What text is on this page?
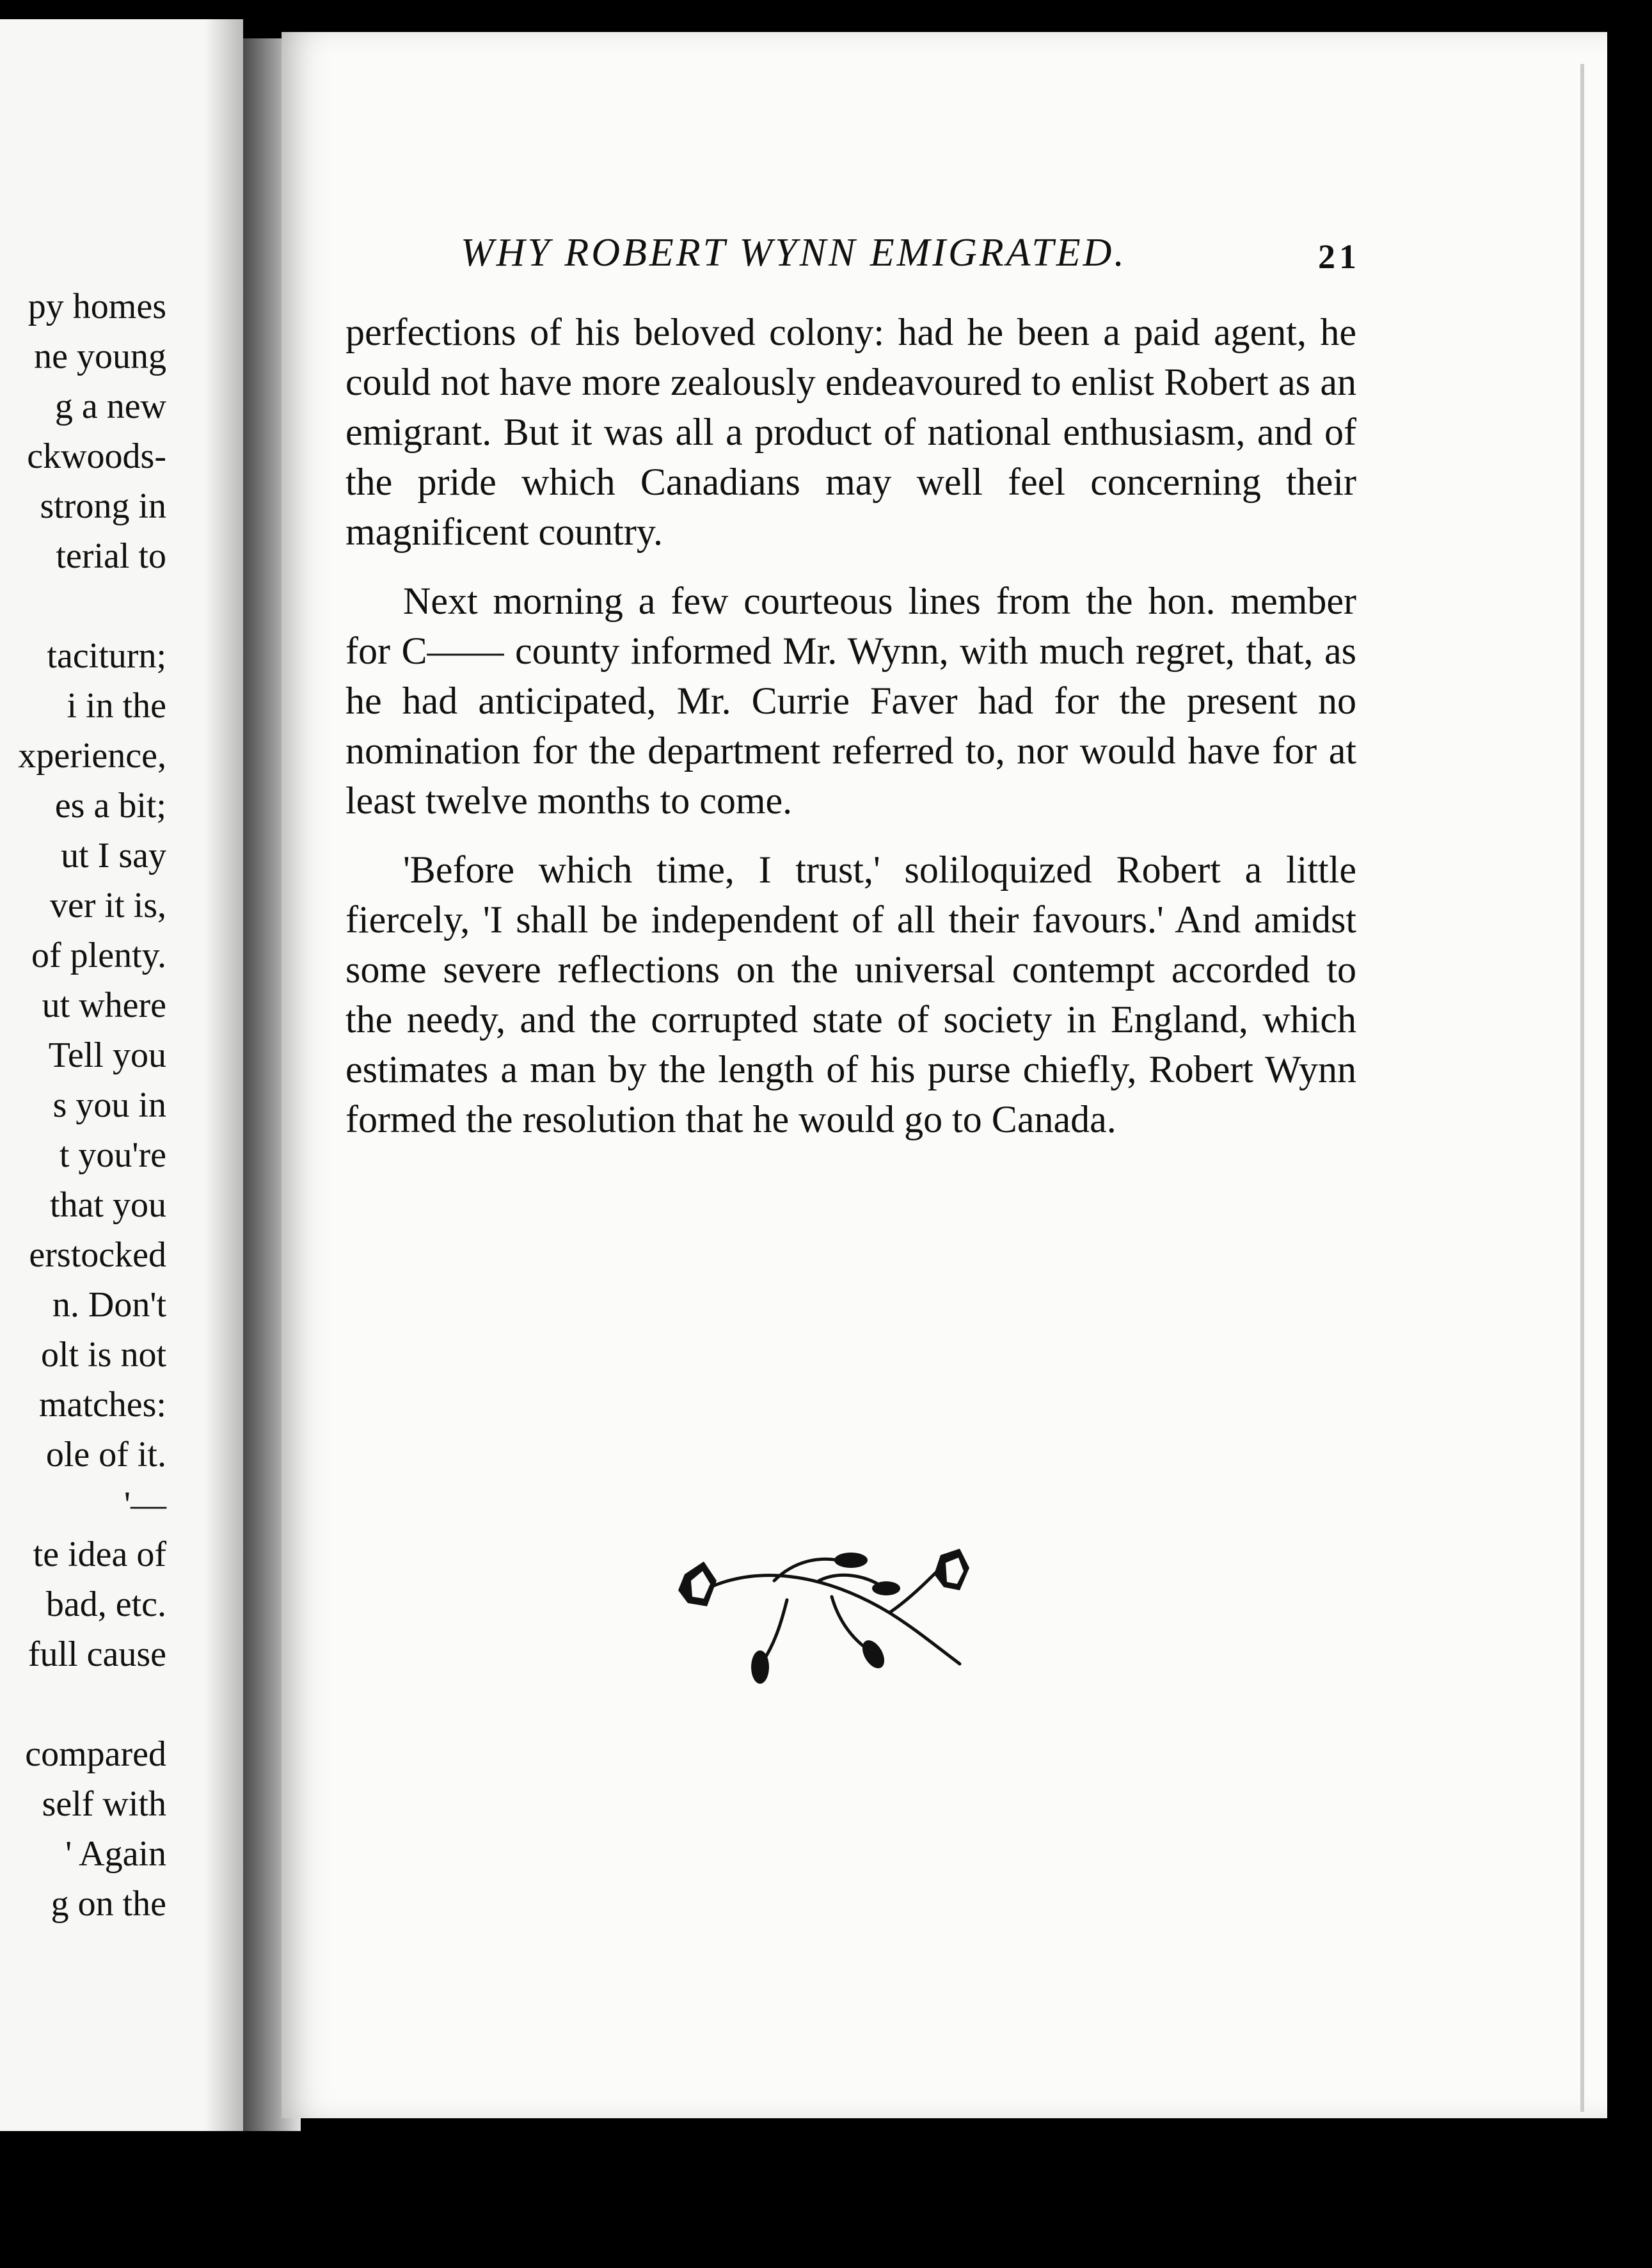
py homes
ne young
g a new
ckwoods-
strong in
terial to
taciturn;
i in the
xperience,
es a bit;
ut I say
ver it is,
of plenty.
ut where
Tell you
s you in
t you're
that you
erstocked
n. Don't
olt is not
matches:
ole of it.
'—
te idea of
bad, etc.
full cause
compared
self with
' Again
g on the
WHY ROBERT WYNN EMIGRATED.	21

perfections of his beloved colony: had he been a paid agent, he could not have more zealously endeavoured to enlist Robert as an emigrant. But it was all a product of national enthusiasm, and of the pride which Canadians may well feel concerning their magnificent country.

Next morning a few courteous lines from the hon. member for C—— county informed Mr. Wynn, with much regret, that, as he had anticipated, Mr. Currie Faver had for the present no nomination for the department referred to, nor would have for at least twelve months to come.

'Before which time, I trust,' soliloquized Robert a little fiercely, 'I shall be independent of all their favours.' And amidst some severe reflections on the universal contempt accorded to the needy, and the corrupted state of society in England, which estimates a man by the length of his purse chiefly, Robert Wynn formed the resolution that he would go to Canada.
